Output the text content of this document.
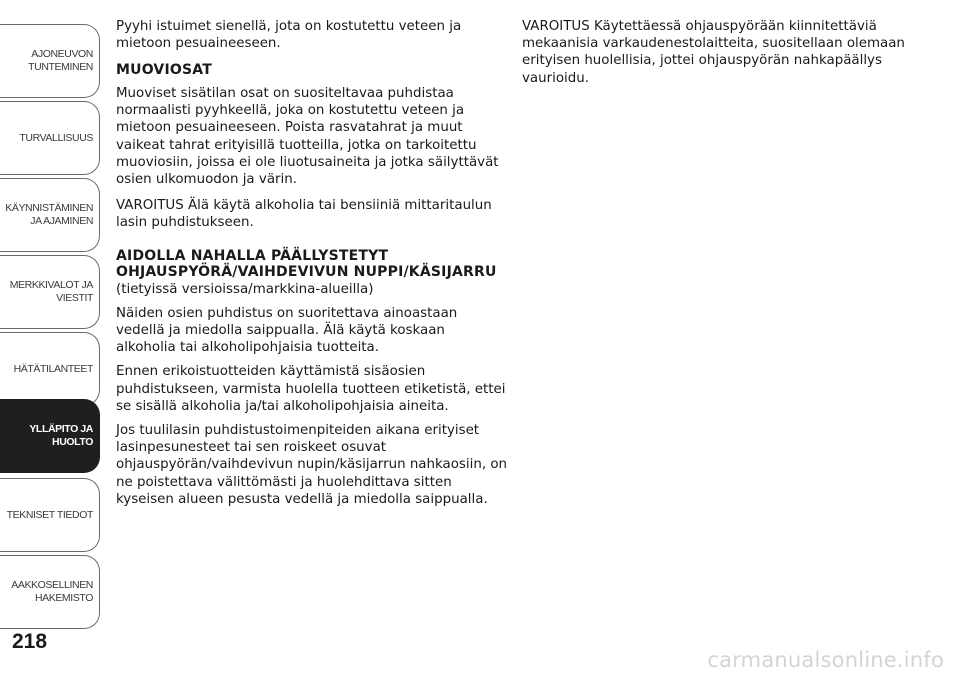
AJONEUVON
TUNTEMINEN
TURVALLISUUS
KÄYNNISTÄMINEN
JA AJAMINEN
MERKKIVALOT JA
VIESTIT
HÄTÄTILANTEET
YLLÄPITO JA
HUOLTO
TEKNISET TIEDOT
AAKKOSELLINEN
HAKEMISTO
218

Pyyhi istuimet sienellä, jota on kostutettu veteen ja mietoon pesuaineeseen.

MUOVIOSAT

Muoviset sisätilan osat on suositeltavaa puhdistaa normaalisti pyyhkeellä, joka on kostutettu veteen ja mietoon pesuaineeseen. Poista rasvatahrat ja muut vaikeat tahrat erityisillä tuotteilla, jotka on tarkoitettu muoviosiin, joissa ei ole liuotusaineita ja jotka säilyttävät osien ulkomuodon ja värin.

VAROITUS Älä käytä alkoholia tai bensiiniä mittaritaulun lasin puhdistukseen.

AIDOLLA NAHALLA PÄÄLLYSTETYT OHJAUSPYÖRÄ/VAIHDEVIVUN NUPPI/KÄSIJARRU

(tietyissä versioissa/markkina-alueilla)

Näiden osien puhdistus on suoritettava ainoastaan vedellä ja miedolla saippualla. Älä käytä koskaan alkoholia tai alkoholipohjaisia tuotteita.

Ennen erikoistuotteiden käyttämistä sisäosien puhdistukseen, varmista huolella tuotteen etiketistä, ettei se sisällä alkoholia ja/tai alkoholipohjaisia aineita.

Jos tuulilasin puhdistustoimenpiteiden aikana erityiset lasinpesunesteet tai sen roiskeet osuvat ohjauspyörän/vaihdevivun nupin/käsijarrun nahkaosiin, on ne poistettava välittömästi ja huolehdittava sitten kyseisen alueen pesusta vedellä ja miedolla saippualla.

VAROITUS Käytettäessä ohjauspyörään kiinnitettäviä mekaanisia varkaudenestolaitteita, suositellaan olemaan erityisen huolellisia, jottei ohjauspyörän nahkapäällys vaurioidu.

carmanualsonline.info
